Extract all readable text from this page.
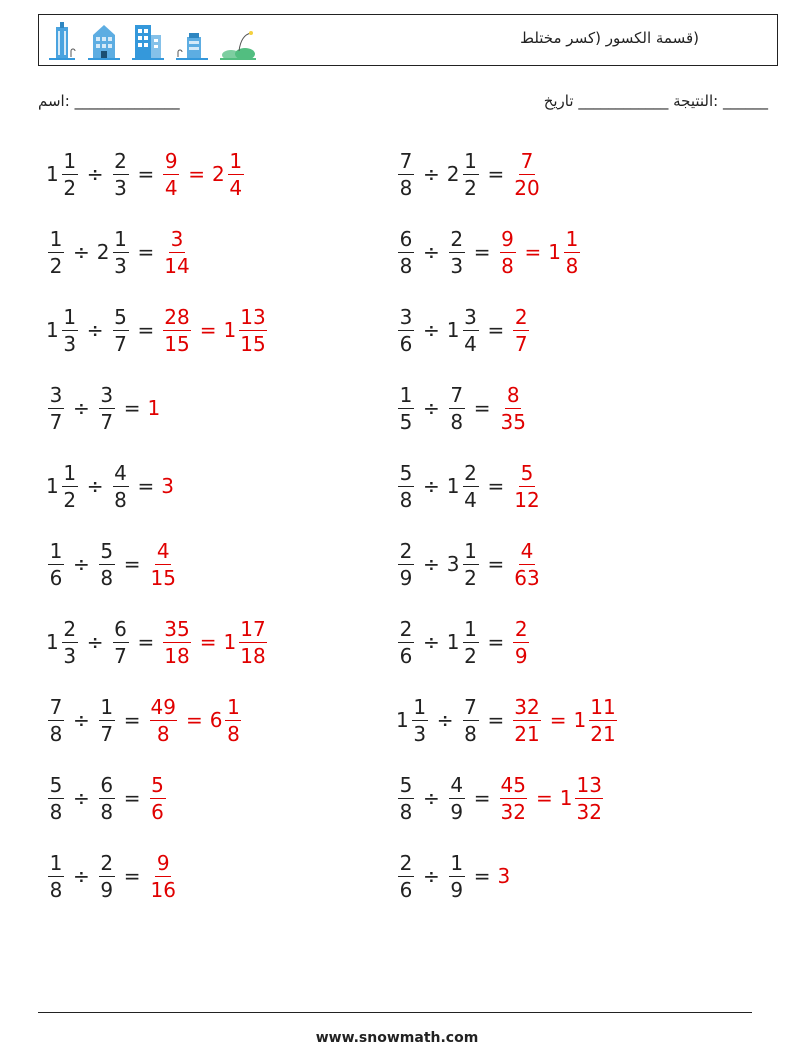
(قسمة الكسور (كسر مختلط
اسم: ______________	النتيجة ____________ تاريخ: ______
$1 \frac{1}{2} \div \frac{2}{3} = \frac{9}{4} = 2 \frac{1}{4}$	$\frac{7}{8} \div 2 \frac{1}{2} = \frac{7}{20}$
$\frac{1}{2} \div 2 \frac{1}{3} = \frac{3}{14}$	$\frac{6}{8} \div \frac{2}{3} = \frac{9}{8} = 1 \frac{1}{8}$
$1 \frac{1}{3} \div \frac{5}{7} = \frac{28}{15} = 1 \frac{13}{15}$	$\frac{3}{6} \div 1 \frac{3}{4} = \frac{2}{7}$
$\frac{3}{7} \div \frac{3}{7} = 1$	$\frac{1}{5} \div \frac{7}{8} = \frac{8}{35}$
$1 \frac{1}{2} \div \frac{4}{8} = 3$	$\frac{5}{8} \div 1 \frac{2}{4} = \frac{5}{12}$
$\frac{1}{6} \div \frac{5}{8} = \frac{4}{15}$	$\frac{2}{9} \div 3 \frac{1}{2} = \frac{4}{63}$
$1 \frac{2}{3} \div \frac{6}{7} = \frac{35}{18} = 1 \frac{17}{18}$	$\frac{2}{6} \div 1 \frac{1}{2} = \frac{2}{9}$
$\frac{7}{8} \div \frac{1}{7} = \frac{49}{8} = 6 \frac{1}{8}$	$1 \frac{1}{3} \div \frac{7}{8} = \frac{32}{21} = 1 \frac{11}{21}$
$\frac{5}{8} \div \frac{6}{8} = \frac{5}{6}$	$\frac{5}{8} \div \frac{4}{9} = \frac{45}{32} = 1 \frac{13}{32}$
$\frac{1}{8} \div \frac{2}{9} = \frac{9}{16}$	$\frac{2}{6} \div \frac{1}{9} = 3$
www.snowmath.com
